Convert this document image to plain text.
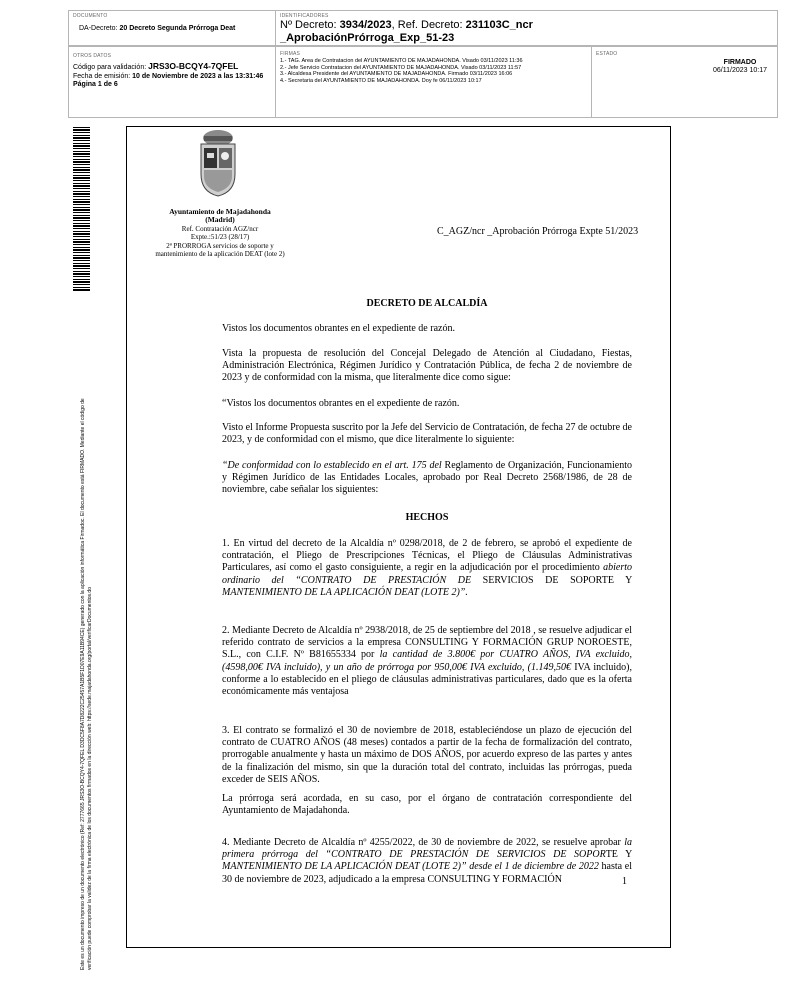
DOCUMENTO
DA-Decreto: 20 Decreto Segunda Prórroga Deat
IDENTIFICADORES
Nº Decreto: 3934/2023, Ref. Decreto: 231103C_ncr
_AprobaciónPrórroga_Exp_51-23
OTROS DATOS
Código para validación: JRS3O-BCQY4-7QFEL
Fecha de emisión: 10 de Noviembre de 2023 a las 13:31:46
Página 1 de 6
FIRMAS
1.- TAG. Area de Contratacion del AYUNTAMIENTO DE MAJADAHONDA. Visado 03/11/2023 11:36
2.- Jefe Servicio Contratacion del AYUNTAMIENTO DE MAJADAHONDA. Visado 03/11/2023 11:57
3.- Alcaldesa Presidente del AYUNTAMIENTO DE MAJADAHONDA. Firmado 03/11/2023 16:06
4.- Secretaria del AYUNTAMIENTO DE MAJADAHONDA. Doy fe 06/11/2023 10:17
ESTADO
FIRMADO
06/11/2023 10:17
Este es un documento impreso de un documento electrónico (Ref: 2777665 JRS3O-BCQY4-7QFEL D3DC5F8A7D8222C25457A1B5F1D07E9A11B94CE) generado con la aplicación informática Firmadoc. El documento está FIRMADO. Mediante el código de verificación puede comprobar la validez de la firma electrónica de los documentos firmados en la dirección web: https://sede.majadahonda.org/portal/verificarDocumentos.do
Ayuntamiento de Majadahonda
(Madrid)
Ref. Contratación AGZ/ncr
Expte.:51/23 (28/17)
2ª PRORROGA servicios de soporte y
mantenimiento de la aplicación DEAT (lote 2)
C_AGZ/ncr _Aprobación Prórroga Expte 51/2023
DECRETO DE ALCALDÍA
Vistos los documentos obrantes en el expediente de razón.
Vista la propuesta de resolución del Concejal Delegado de Atención al Ciudadano, Fiestas, Administración Electrónica, Régimen Jurídico y Contratación Pública, de fecha 2 de noviembre de 2023 y de conformidad con la misma, que literalmente dice como sigue:
“Vistos los documentos obrantes en el expediente de razón.
Visto el Informe Propuesta suscrito por la Jefe del Servicio de Contratación, de fecha 27 de octubre de 2023, y de conformidad con el mismo, que dice literalmente lo siguiente:
“De conformidad con lo establecido en el art. 175 del Reglamento de Organización, Funcionamiento y Régimen Jurídico de las Entidades Locales, aprobado por Real Decreto 2568/1986, de 28 de noviembre, cabe señalar los siguientes:
HECHOS
1. En virtud del decreto de la Alcaldía nº 0298/2018, de 2 de febrero, se aprobó el expediente de contratación, el Pliego de Prescripciones Técnicas, el Pliego de Cláusulas Administrativas Particulares, así como el gasto consiguiente, a regir en la adjudicación por el procedimiento abierto ordinario del “CONTRATO DE PRESTACIÓN DE SERVICIOS DE SOPORTE Y MANTENIMIENTO DE LA APLICACIÓN DEAT (LOTE 2)”.
2. Mediante Decreto de Alcaldía nº 2938/2018, de 25 de septiembre del 2018 , se resuelve adjudicar el referido contrato de servicios a la empresa CONSULTING Y FORMACIÓN GRUP NOROESTE, S.L., con C.I.F. Nº B81655334 por la cantidad de 3.800€ por CUATRO AÑOS, IVA excluido, (4598,00€ IVA incluido), y un año de prórroga por 950,00€ IVA excluido, (1.149,50€ IVA incluido), conforme a lo establecido en el pliego de cláusulas administrativas particulares, dado que es la oferta económicamente más ventajosa
3. El contrato se formalizó el 30 de noviembre de 2018, estableciéndose un plazo de ejecución del contrato de CUATRO AÑOS (48 meses) contados a partir de la fecha de formalización del contrato, prorrogable anualmente y hasta un máximo de DOS AÑOS, por acuerdo expreso de las partes y antes de la finalización del mismo, sin que la duración total del contrato, incluidas las prórrogas, pueda exceder de SEIS AÑOS.
La prórroga será acordada, en su caso, por el órgano de contratación correspondiente del Ayuntamiento de Majadahonda.
4. Mediante Decreto de Alcaldía nº 4255/2022, de 30 de noviembre de 2022, se resuelve aprobar la primera prórroga del “CONTRATO DE PRESTACIÓN DE SERVICIOS DE SOPORTE Y MANTENIMIENTO DE LA APLICACIÓN DEAT (LOTE 2)” desde el 1 de diciembre de 2022 hasta el 30 de noviembre de 2023, adjudicado a la empresa CONSULTING Y FORMACIÓN	1
